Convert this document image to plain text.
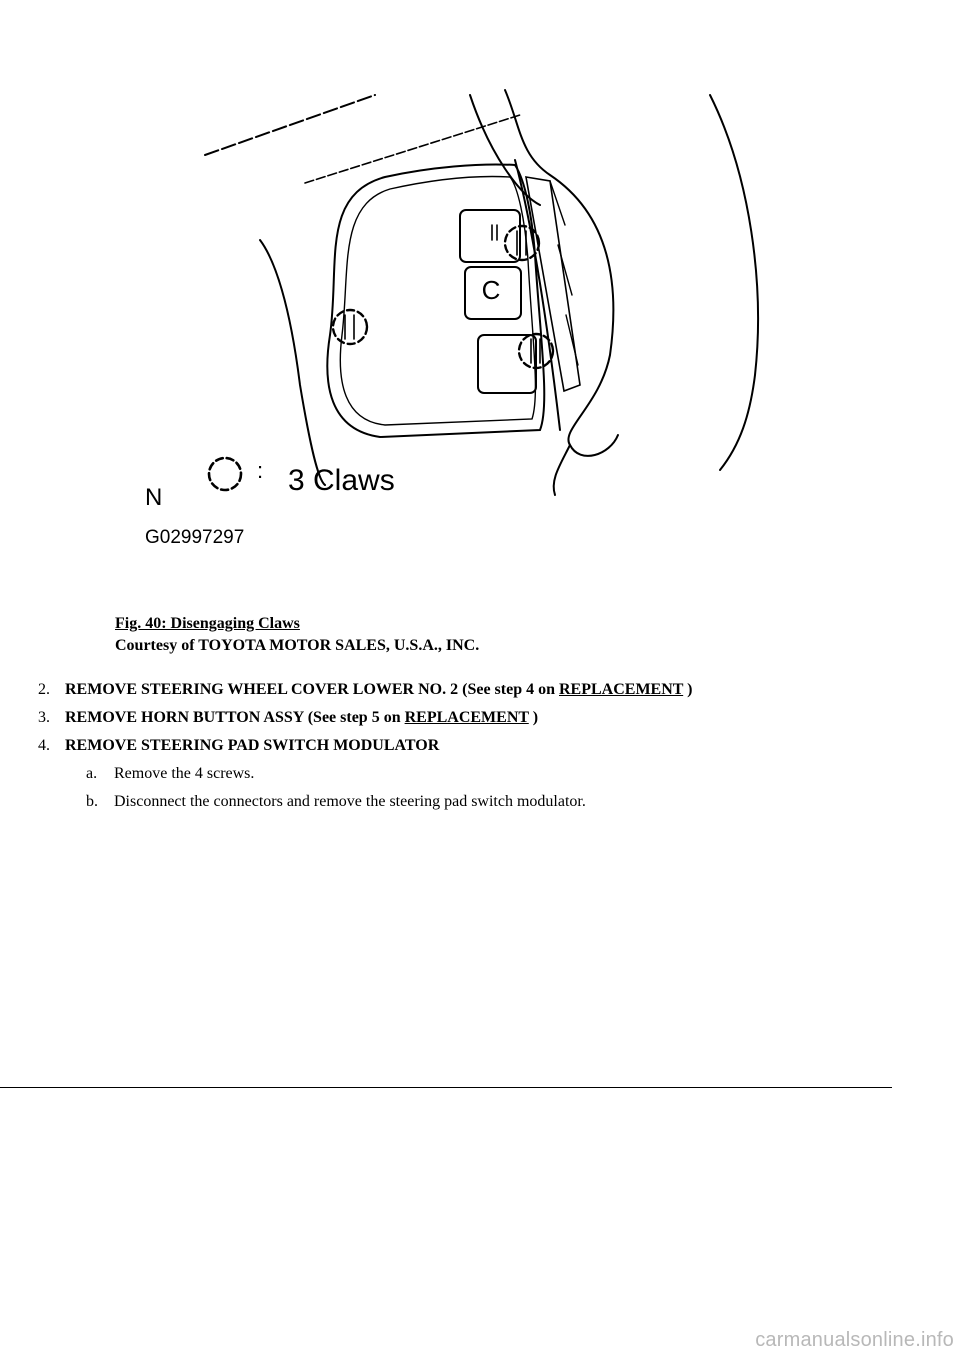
C
: 3 Claws
N
G02997297
Fig. 40: Disengaging Claws
Courtesy of TOYOTA MOTOR SALES, U.S.A., INC.
2. REMOVE STEERING WHEEL COVER LOWER NO. 2 (See step 4 on REPLACEMENT )
3. REMOVE HORN BUTTON ASSY (See step 5 on REPLACEMENT )
4. REMOVE STEERING PAD SWITCH MODULATOR
a. Remove the 4 screws.
b. Disconnect the connectors and remove the steering pad switch modulator.
carmanualsonline.info
